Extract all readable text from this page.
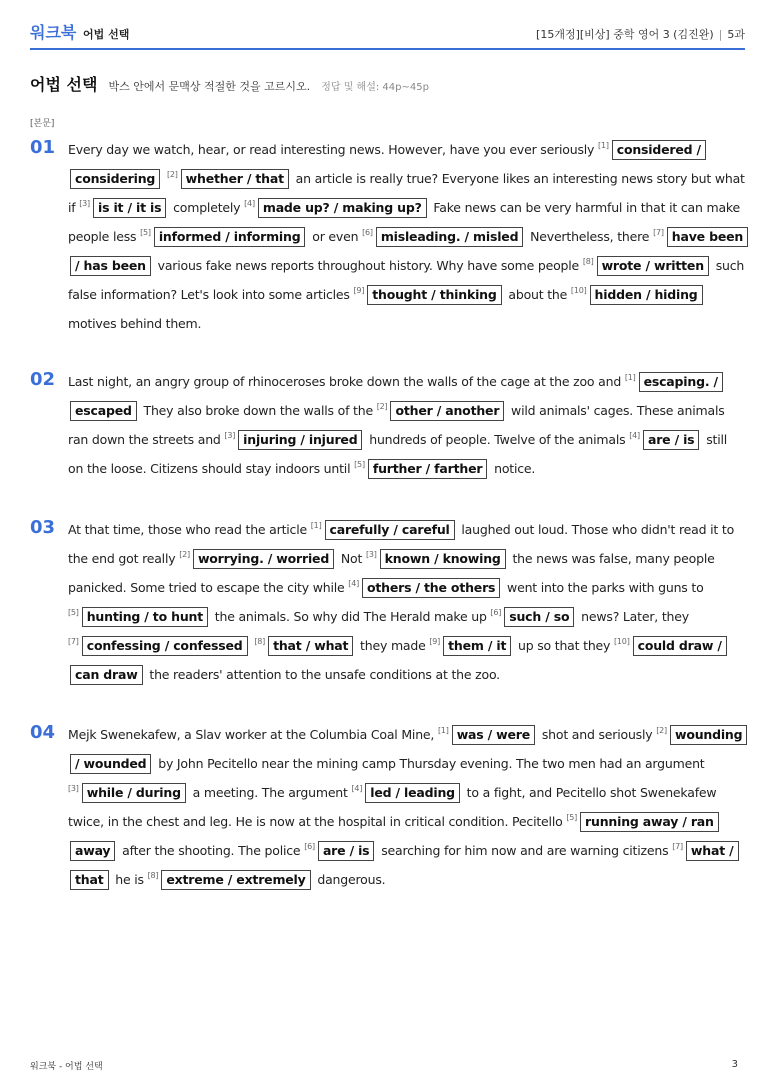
워크북 어법 선택	[15개정][비상] 중학 영어 3 (김진완) | 5과
어법 선택 박스 안에서 문맥상 적절한 것을 고르시오. 정답 및 해설: 44p~45p
[본문]
01 Every day we watch, hear, or read interesting news. However, have you ever seriously [1] considered / considering [2] whether / that an article is really true? Everyone likes an interesting news story but what if [3] is it / it is completely [4] made up? / making up? Fake news can be very harmful in that it can make people less [5] informed / informing or even [6] misleading. / misled Nevertheless, there [7] have been / has been various fake news reports throughout history. Why have some people [8] wrote / written such false information? Let's look into some articles [9] thought / thinking about the [10] hidden / hiding motives behind them.
02 Last night, an angry group of rhinoceroses broke down the walls of the cage at the zoo and [1] escaping. / escaped They also broke down the walls of the [2] other / another wild animals' cages. These animals ran down the streets and [3] injuring / injured hundreds of people. Twelve of the animals [4] are / is still on the loose. Citizens should stay indoors until [5] further / farther notice.
03 At that time, those who read the article [1] carefully / careful laughed out loud. Those who didn't read it to the end got really [2] worrying. / worried Not [3] known / knowing the news was false, many people panicked. Some tried to escape the city while [4] others / the others went into the parks with guns to [5] hunting / to hunt the animals. So why did The Herald make up [6] such / so news? Later, they [7] confessing / confessed [8] that / what they made [9] them / it up so that they [10] could draw / can draw the readers' attention to the unsafe conditions at the zoo.
04 Mejk Swenekafew, a Slav worker at the Columbia Coal Mine, [1] was / were shot and seriously [2] wounding / wounded by John Pecitello near the mining camp Thursday evening. The two men had an argument [3] while / during a meeting. The argument [4] led / leading to a fight, and Pecitello shot Swenekafew twice, in the chest and leg. He is now at the hospital in critical condition. Pecitello [5] running away / ran away after the shooting. The police [6] are / is searching for him now and are warning citizens [7] what / that he is [8] extreme / extremely dangerous.
워크북 - 어법 선택	3
